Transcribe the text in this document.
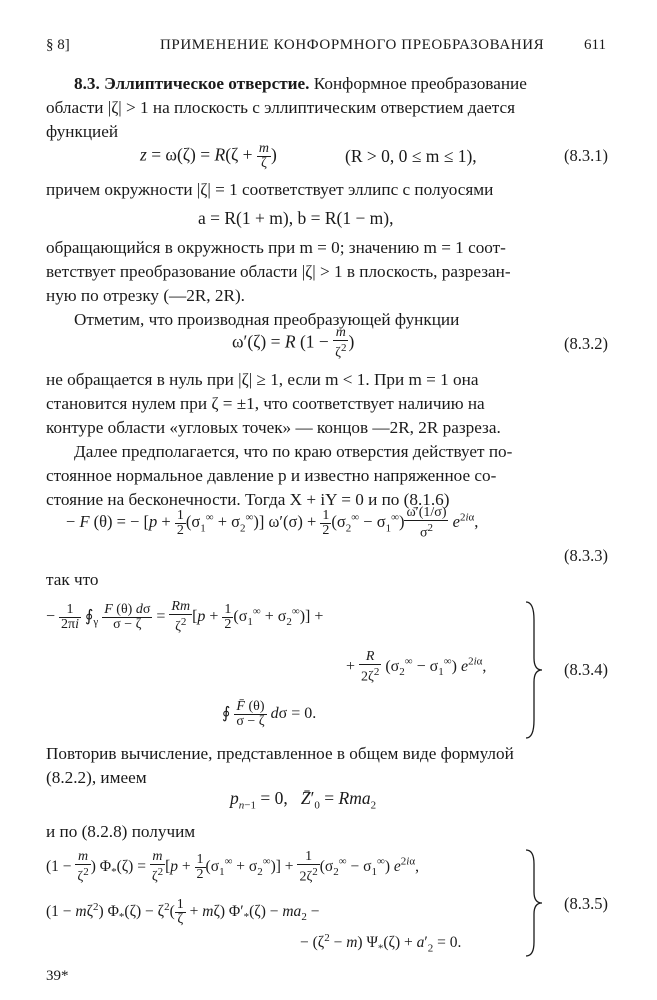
§ 8]	ПРИМЕНЕНИЕ КОНФОРМНОГО ПРЕОБРАЗОВАНИЯ	611
8.3. Эллиптическое отверстие. Конформное преобразование
области |ζ| > 1 на плоскость с эллиптическим отверстием дается
функцией
$z = \omega(\zeta) = R(\zeta + \frac{m}{\zeta}$ )	(R > 0, 0 ≤ m ≤ 1),	(8.3.1)
причем окружности |ζ| = 1 соответствует эллипс с полуосями
a = R(1 + m), b = R(1 − m),
обращающийся в окружность при m = 0; значению m = 1 соот-
ветствует преобразование области |ζ| > 1 в плоскость, разрезан-
ную по отрезку (—2R, 2R).
Отметим, что производная преобразующей функции
ω′(ζ) = R ($1 - \frac{m}{\zeta^2}$ )	(8.3.2)
не обращается в нуль при |ζ| ≥ 1, если m < 1. При m = 1 она
становится нулем при ζ = ±1, что соответствует наличию на
контуре области «угловых точек» — концов —2R, 2R разреза.
Далее предполагается, что по краю отверстия действует по-
стоянное нормальное давление p и известно напряженное со-
стояние на бесконечности. Тогда X + iY = 0 и по (8.1.6)
− F (θ) = − $[p + \frac{1}{2} (\sigma_1^\infty + \sigma_2^\infty)]$ $\omega'(\sigma) + \frac{1}{2} (\sigma_2^\infty - \sigma_1^\infty) \frac{\omegā'(1/\sigma)}{\sigma^2} e^{2i\alpha}$,
(8.3.3)
так что
− $\frac{1}{2\pi i}$ $∮_\gamma \frac{F (\theta) d\sigma}{\sigma - \zeta} = \frac{Rm}{\zeta^2} [p + \frac{1}{2} (\sigma_1^\infty + \sigma_2^\infty)]$ +
+ $\frac{R}{2\zeta^2} (\sigma_2^\infty - \sigma_1^\infty)$ $e^{2i\alpha}$,
∮ $\frac{F̄ (\theta)}{\sigma - \zeta}$ dσ = 0.
(8.3.4)
Повторив вычисление, представленное в общем виде формулой
(8.2.2), имеем
$p_{n-1} = 0$,   $Z̄'_0 = Rma_2$
и по (8.2.8) получим
($1 - \frac{m}{\zeta^2}$ ) $\Phi_*(\zeta) = \frac{m}{\zeta^2} [p + \frac{1}{2} (\sigma_1^\infty + \sigma_2^\infty)] + \frac{1}{2\zeta^2} (\sigma_2^\infty - \sigma_1^\infty)$ $e^{2i\alpha}$,
$(1 - m\zeta^2)$ $\Phi_*(\zeta) - \zeta^2( \frac{1}{\zeta} + m\zeta) \Phi'_*(\zeta) - ma_2$ −
− $(\zeta^2 - m) \Psi_*(\zeta) + a'_2 = 0$.
(8.3.5)
39*
